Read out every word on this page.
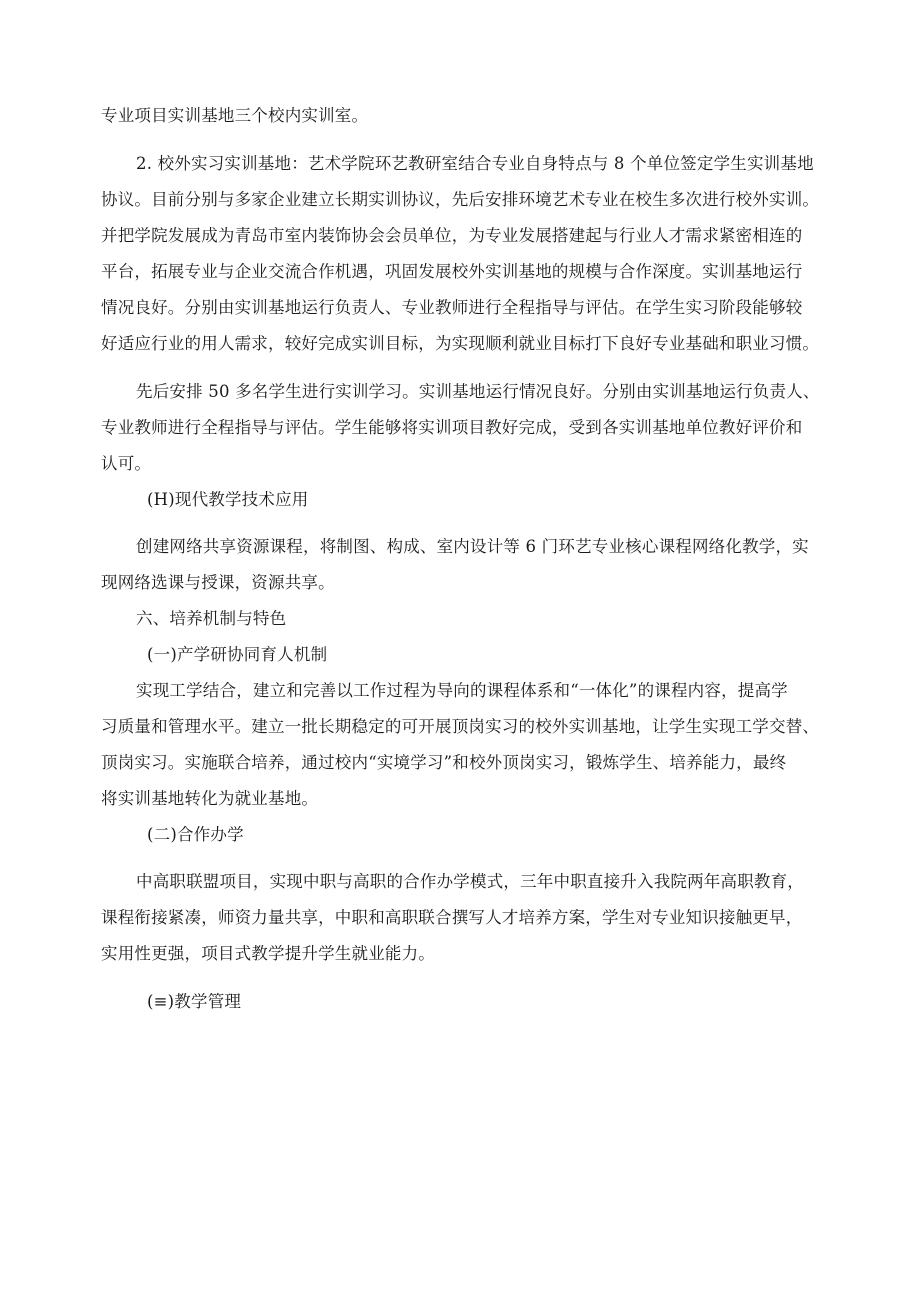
专业项目实训基地三个校内实训室。
2. 校外实习实训基地：艺术学院环艺教研室结合专业自身特点与 8 个单位签定学生实训基地
协议。目前分别与多家企业建立长期实训协议，先后安排环境艺术专业在校生多次进行校外实训。
并把学院发展成为青岛市室内装饰协会会员单位，为专业发展搭建起与行业人才需求紧密相连的
平台，拓展专业与企业交流合作机遇，巩固发展校外实训基地的规模与合作深度。实训基地运行
情况良好。分别由实训基地运行负责人、专业教师进行全程指导与评估。在学生实习阶段能够较
好适应行业的用人需求，较好完成实训目标，为实现顺利就业目标打下良好专业基础和职业习惯。
先后安排 50 多名学生进行实训学习。实训基地运行情况良好。分别由实训基地运行负责人、
专业教师进行全程指导与评估。学生能够将实训项目教好完成，受到各实训基地单位教好评价和
认可。
(H)现代教学技术应用
创建网络共享资源课程，将制图、构成、室内设计等 6 门环艺专业核心课程网络化教学，实
现网络选课与授课，资源共享。
六、培养机制与特色
(一)产学研协同育人机制
实现工学结合，建立和完善以工作过程为导向的课程体系和“一体化”的课程内容，提高学
习质量和管理水平。建立一批长期稳定的可开展顶岗实习的校外实训基地，让学生实现工学交替、
顶岗实习。实施联合培养，通过校内“实境学习”和校外顶岗实习，锻炼学生、培养能力，最终
将实训基地转化为就业基地。
(二)合作办学
中高职联盟项目，实现中职与高职的合作办学模式，三年中职直接升入我院两年高职教育，
课程衔接紧凑，师资力量共享，中职和高职联合撰写人才培养方案，学生对专业知识接触更早，
实用性更强，项目式教学提升学生就业能力。
(≡)教学管理
